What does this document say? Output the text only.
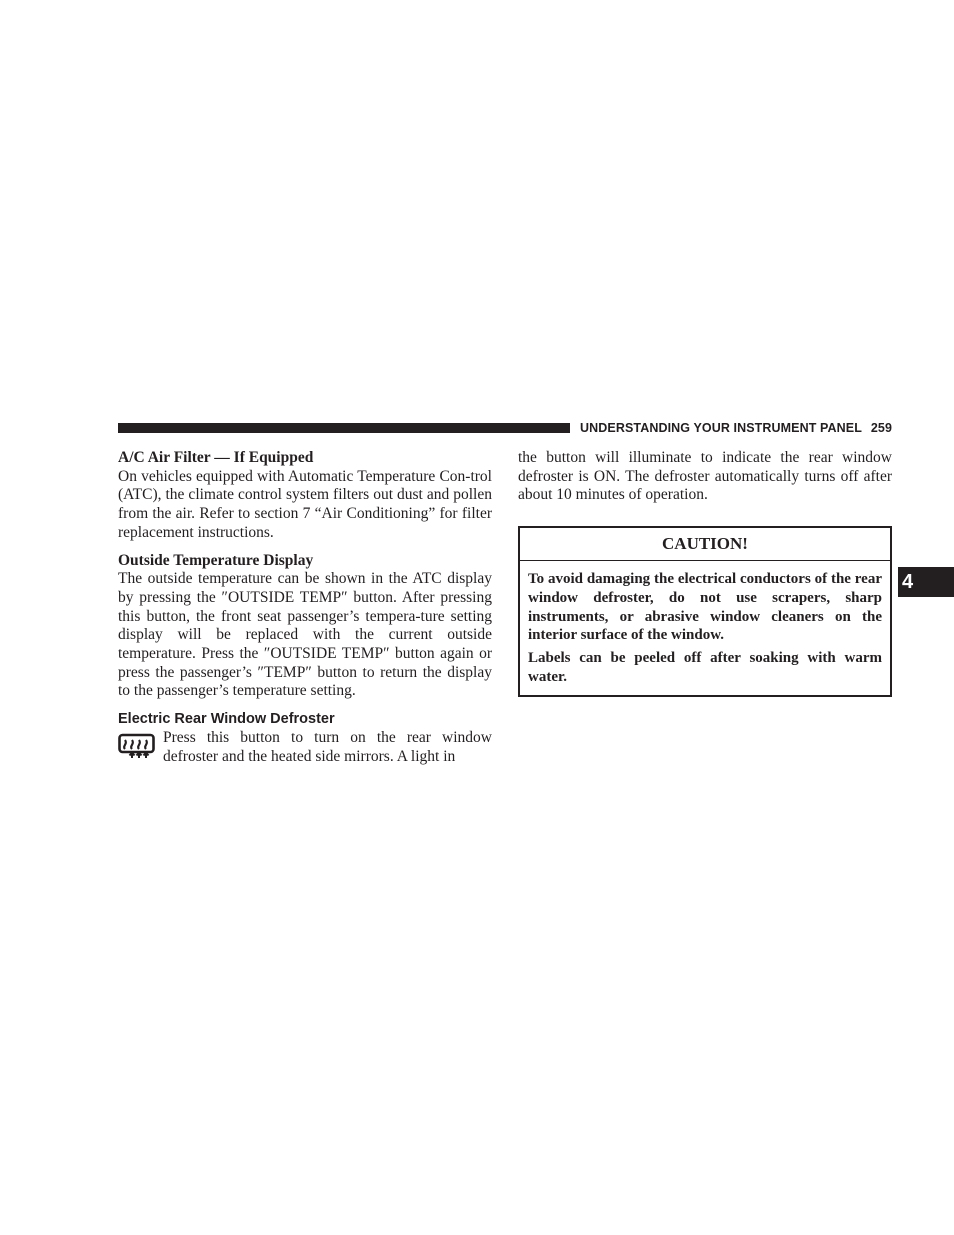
UNDERSTANDING YOUR INSTRUMENT PANEL 259
A/C Air Filter — If Equipped

On vehicles equipped with Automatic Temperature Con-trol (ATC), the climate control system filters out dust and pollen from the air. Refer to section 7 “Air Conditioning” for filter replacement instructions.

Outside Temperature Display

The outside temperature can be shown in the ATC display by pressing the ″OUTSIDE TEMP″ button. After pressing this button, the front seat passenger’s tempera-ture setting display will be replaced with the current outside temperature. Press the ″OUTSIDE TEMP″ button again or press the passenger’s ″TEMP″ button to return the display to the passenger’s temperature setting.

Electric Rear Window Defroster

Press this button to turn on the rear window defroster and the heated side mirrors. A light in

the button will illuminate to indicate the rear window defroster is ON. The defroster automatically turns off after about 10 minutes of operation.

CAUTION!

To avoid damaging the electrical conductors of the rear window defroster, do not use scrapers, sharp instruments, or abrasive window cleaners on the interior surface of the window.

Labels can be peeled off after soaking with warm water.

4
